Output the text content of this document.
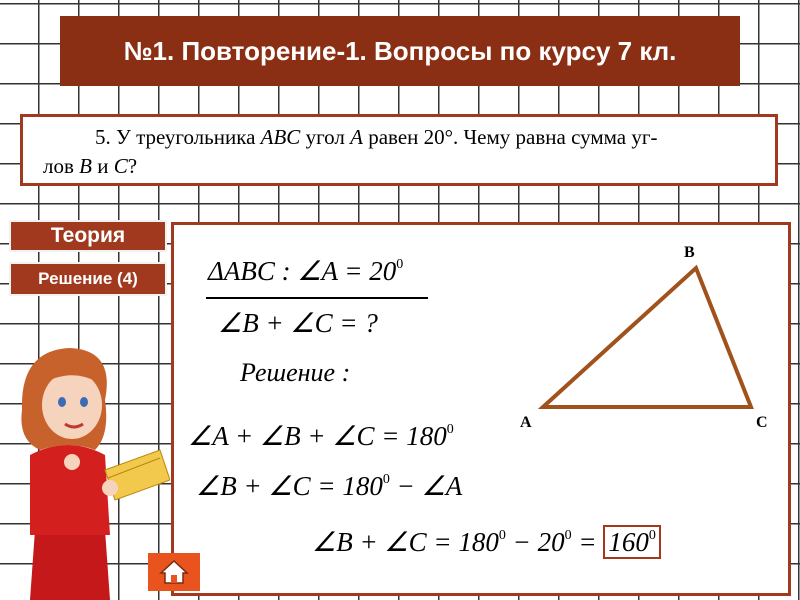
№1. Повторение-1. Вопросы по курсу 7 кл.
5. У треугольника ABC угол A равен 20°. Чему равна сумма уг-
лов B и C?
Теория
Решение (4)	ΔABC : ∠A = $20^0$
∠B + ∠C = ?
Решение :
∠A + ∠B + ∠C = $180^0$
∠B + ∠C = $180^0$ − ∠A
∠B + ∠C = $180^0 - 20^0 = 160^0$
B
A	C
